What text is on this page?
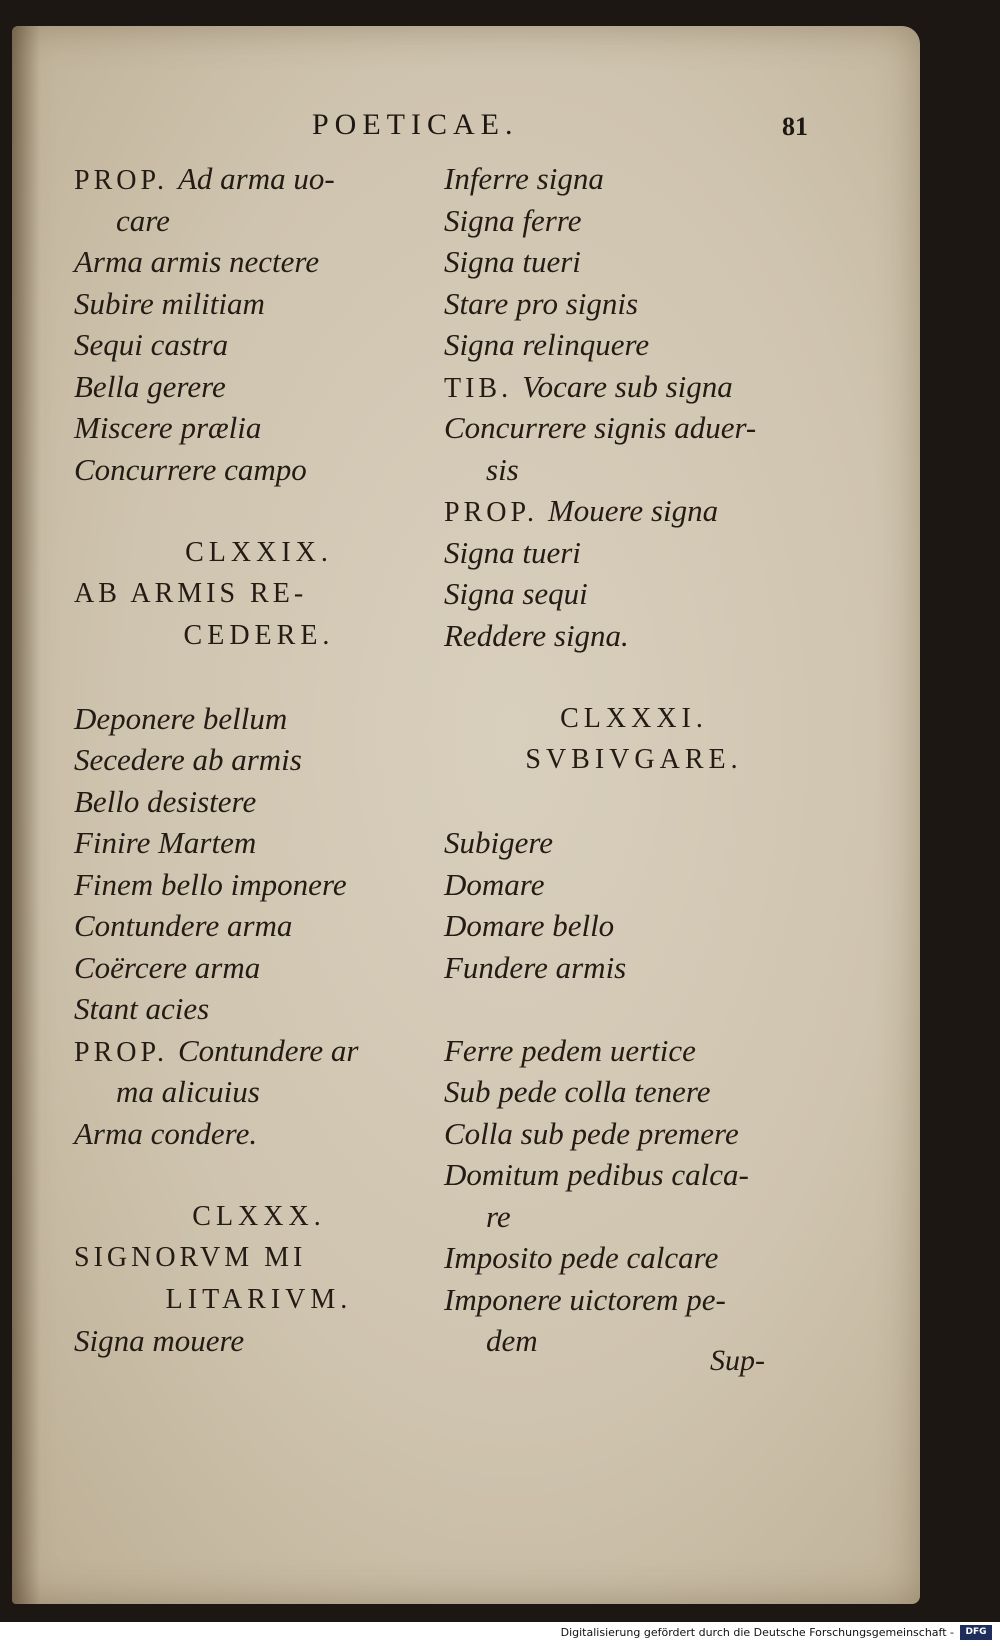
POETICAE.	81
PROP. Ad arma uo-
care
Arma armis nectere
Subire militiam
Sequi castra
Bella gerere
Miscere prælia
Concurrere campo
CLXXIX.
AB ARMIS RE-
CEDERE.
Deponere bellum
Secedere ab armis
Bello desistere
Finire Martem
Finem bello imponere
Contundere arma
Coërcere arma
Stant acies
PROP. Contundere ar
ma alicuius
Arma condere.
CLXXX.
SIGNORVM MI
LITARIVM.
Signa mouere
Inferre signa
Signa ferre
Signa tueri
Stare pro signis
Signa relinquere
TIB. Vocare sub signa
Concurrere signis aduer-
sis
PROP. Mouere signa
Signa tueri
Signa sequi
Reddere signa.
CLXXXI.
SVBIVGARE.
Subigere
Domare
Domare bello
Fundere armis
Ferre pedem uertice
Sub pede colla tenere
Colla sub pede premere
Domitum pedibus calca-
re
Imposito pede calcare
Imponere uictorem pe-
dem
Sup-
Digitalisierung gefördert durch die Deutsche Forschungsgemeinschaft -	DFG
